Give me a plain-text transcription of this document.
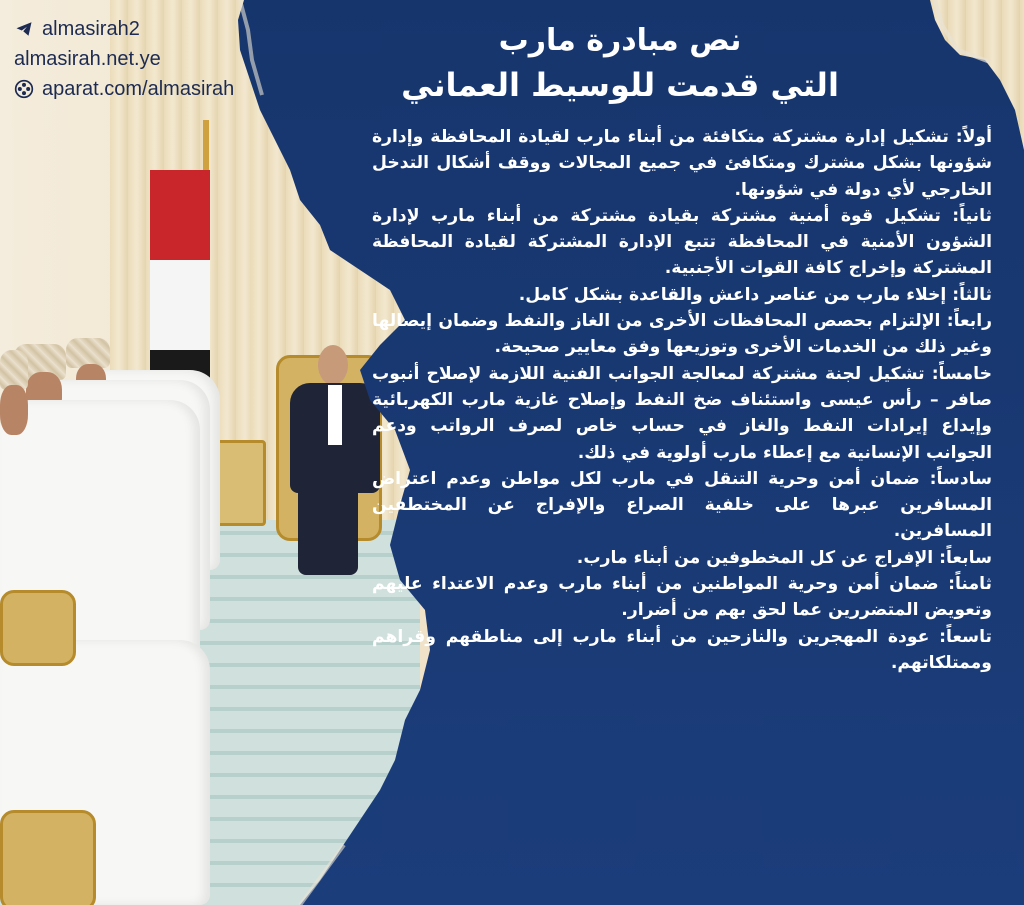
almasirah2
almasirah.net.ye
aparat.com/almasirah
نص مبادرة مارب
التي قدمت للوسيط العماني

أولاً: تشكيل إدارة مشتركة متكافئة من أبناء مارب لقيادة المحافظة وإدارة شؤونها بشكل مشترك ومتكافئ في جميع المجالات ووقف أشكال التدخل الخارجي لأي دولة في شؤونها.

ثانياً: تشكيل قوة أمنية مشتركة بقيادة مشتركة من أبناء مارب لإدارة الشؤون الأمنية في المحافظة تتبع الإدارة المشتركة لقيادة المحافظة المشتركة وإخراج كافة القوات الأجنبية.

ثالثاً: إخلاء مارب من عناصر داعش والقاعدة بشكل كامل.

رابعاً: الإلتزام بحصص المحافظات الأخرى من الغاز والنفط وضمان إيصالها وغير ذلك من الخدمات الأخرى وتوزيعها وفق معايير صحيحة.

خامساً: تشكيل لجنة مشتركة لمعالجة الجوانب الفنية اللازمة لإصلاح أنبوب صافر – رأس عيسى واستئناف ضخ النفط وإصلاح غازية مارب الكهربائية وإيداع إيرادات النفط والغاز في حساب خاص لصرف الرواتب ودعم الجوانب الإنسانية مع إعطاء مارب أولوية في ذلك.

سادساً: ضمان أمن وحرية التنقل في مارب لكل مواطن وعدم اعتراض المسافرين عبرها على خلفية الصراع والإفراج عن المختطفين المسافرين.

سابعاً: الإفراج عن كل المخطوفين من أبناء مارب.

ثامناً: ضمان أمن وحرية المواطنين من أبناء مارب وعدم الاعتداء عليهم وتعويض المتضررين عما لحق بهم من أضرار.

تاسعاً: عودة المهجرين والنازحين من أبناء مارب إلى مناطقهم وقراهم وممتلكاتهم.
